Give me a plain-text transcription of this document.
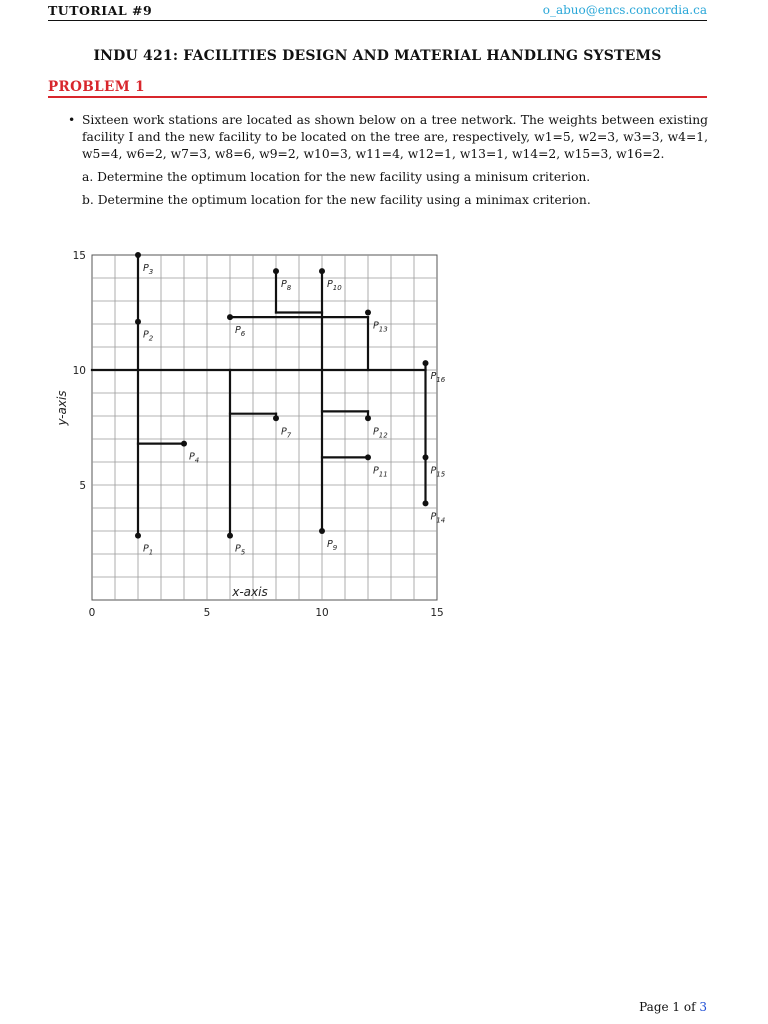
TUTORIAL #9	o_abuo@encs.concordia.ca
INDU 421: FACILITIES DESIGN AND MATERIAL HANDLING SYSTEMS
PROBLEM 1
• Sixteen work stations are located as shown below on a tree network. The weights between existing facility I and the new facility to be located on the tree are, respectively, w1=5, w2=3, w3=3, w4=1, w5=4, w6=2, w7=3, w8=6, w9=2, w10=3, w11=4, w12=1, w13=1, w14=2, w15=3, w16=2.
a. Determine the optimum location for the new facility using a minisum criterion.
b. Determine the optimum location for the new facility using a minimax criterion.
$P_1$
$P_2$
$P_3$
$P_4$
$P_5$
$P_6$
$P_7$
$P_8$
$P_9$
$P_{10}$
$P_{11}$
$P_{12}$
$P_{13}$
$P_{14}$
$P_{15}$
$P_{16}$
0	5	10	15
15
10
5
x-axis
y-axis
Page 1 of 3
